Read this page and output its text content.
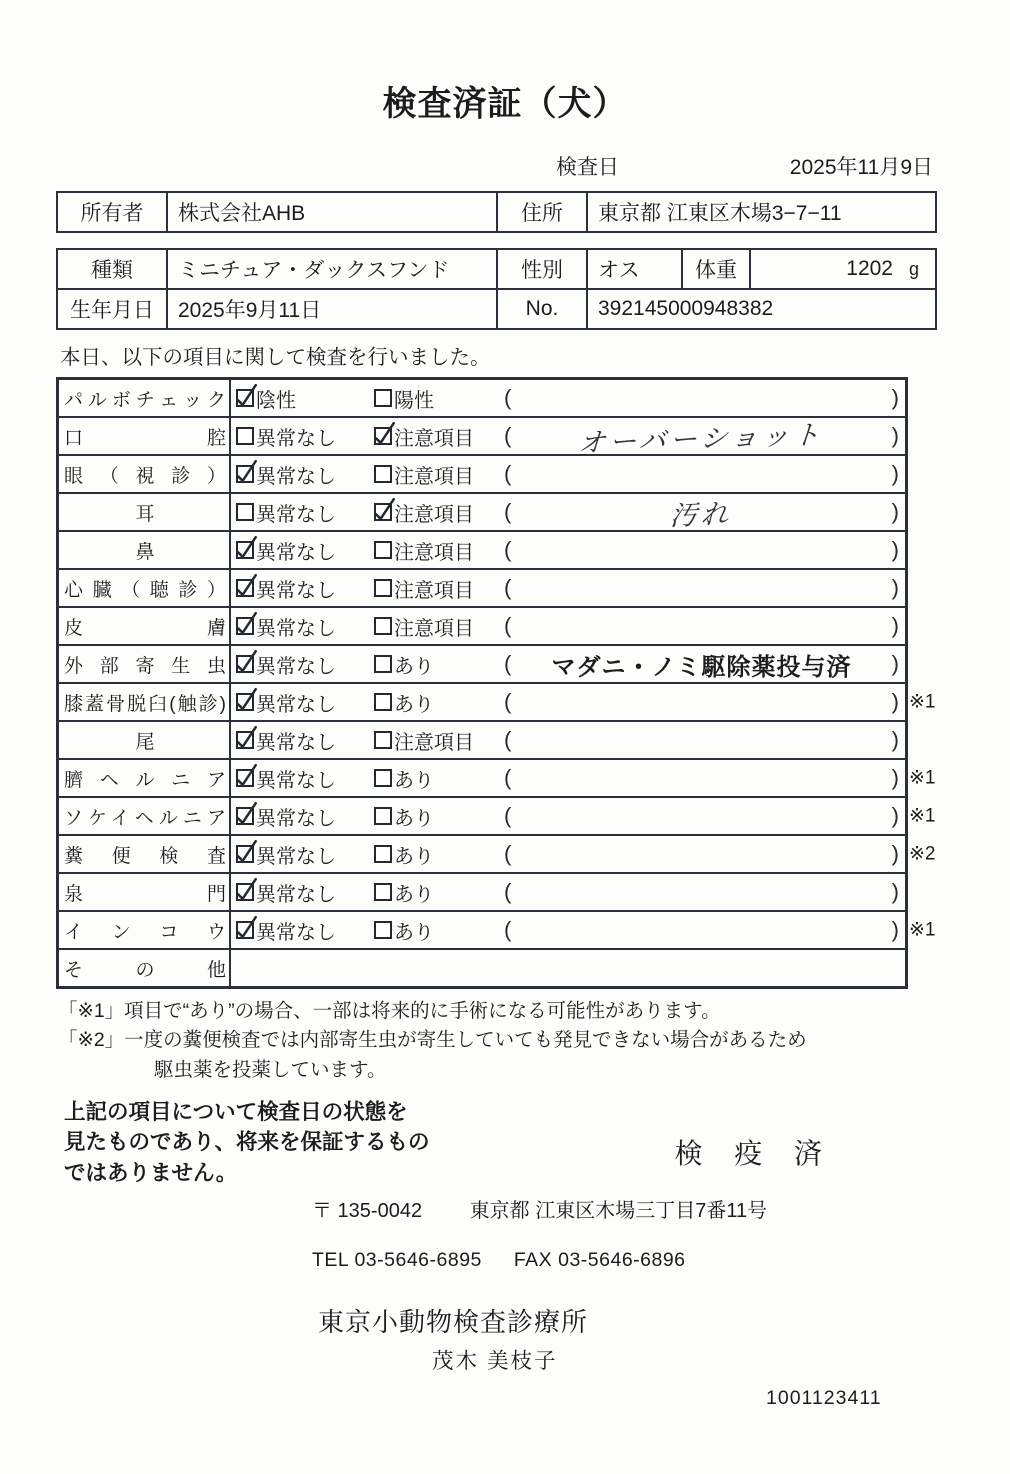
検査済証（犬）
検査日	2025年11月9日
所有者	株式会社AHB	住所	東京都 江東区木場3−7−11
種類	ミニチュア・ダックスフンド	性別	オス	体重	1202 g
生年月日	2025年9月11日	No.	392145000948382		

本日、以下の項目に関して検査を行いました。

パルボチェック 陰性	陽性	(	)
口腔 異常なし	注意項目 (	オーバーショット	)
眼（視診） 異常なし	注意項目 (	)
耳	異常なし	注意項目 (	汚れ	)
鼻	異常なし	注意項目 (	)
心臓（聴診） 異常なし	注意項目 (	)
皮膚 異常なし	注意項目 (	)
外部寄生虫 異常なし	あり	(	マダニ・ノミ駆除薬投与済	)
膝蓋骨脱臼(触診) 異常なし	あり	(	) ※1
尾	異常なし	注意項目 (	)
臍ヘルニア 異常なし	あり	(	) ※1
ソケイヘルニア 異常なし	あり	(	) ※1
糞便検査 異常なし	あり	(	) ※2
泉門 異常なし	あり	(	)
インコウ 異常なし	あり	(	) ※1
その他
「※1」項目で“あり”の場合、一部は将来的に手術になる可能性があります。
「※2」一度の糞便検査では内部寄生虫が寄生していても発見できない場合があるため
駆虫薬を投薬しています。
上記の項目について検査日の状態を
見たものであり、将来を保証するもの
ではありません。
検 疫 済
〒 135-0042 東京都 江東区木場三丁目7番11号
TEL 03-5646-6895 FAX 03-5646-6896
東京小動物検査診療所
茂木 美枝子
1001123411
